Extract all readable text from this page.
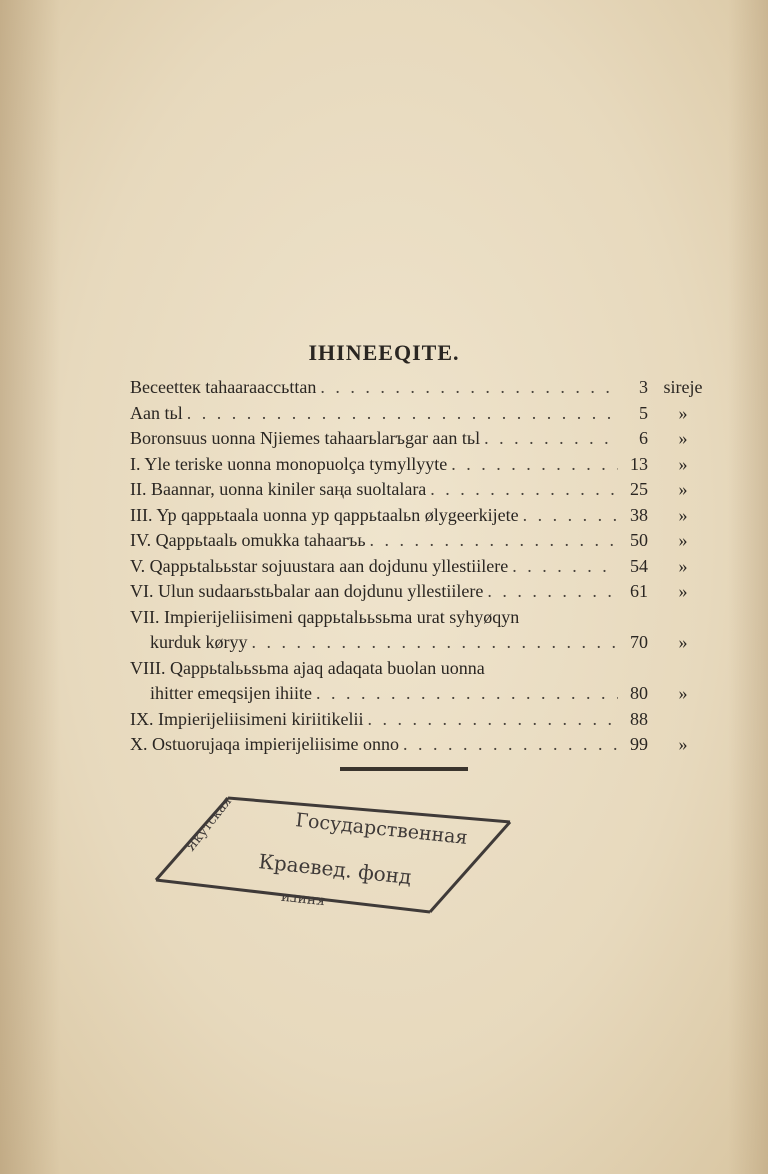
IHINEEQITE.
Beceettек tahaaraaccьttan . . .	3 sireje
Aan tьl . . .	5	»
Boronsuus uonna Njiemes tahaarьlarъgar aan tьl . . .	6	»
I. Yle teriske uonna monopuolça tymyllyyte . . .	13	»
II. Baannar, uonna kiniler saңa suoltalara . . .	25	»
III. Yp qappьtaala uonna yp qappьtaalьn ølygeerkijete . . .	38	»
IV. Qappьtaalь omukka tahaarъь . . .	50	»
V. Qappьtalььstar sojuustara aan dojdunu yllestiilere . . .	54	»
VI. Ulun sudaarьstьbalar aan dojdunu yllestiilere . . .	61	»
VII. Impierijeliisimeni qappьtalььsьma urat syhyøqyn
kurduk køryy . . .	70	»
VIII. Qappьtalььsьma ajaq adaqata buolan uonna
ihitter emeqsijen ihiite . . .	80	»
IX. Impierijeliisimeni kiriitikelii . . .	88
X. Ostuorujaqa impierijeliisime onno . . .	99	»
Государственная
Краевед. фонд
книги
Якутская
